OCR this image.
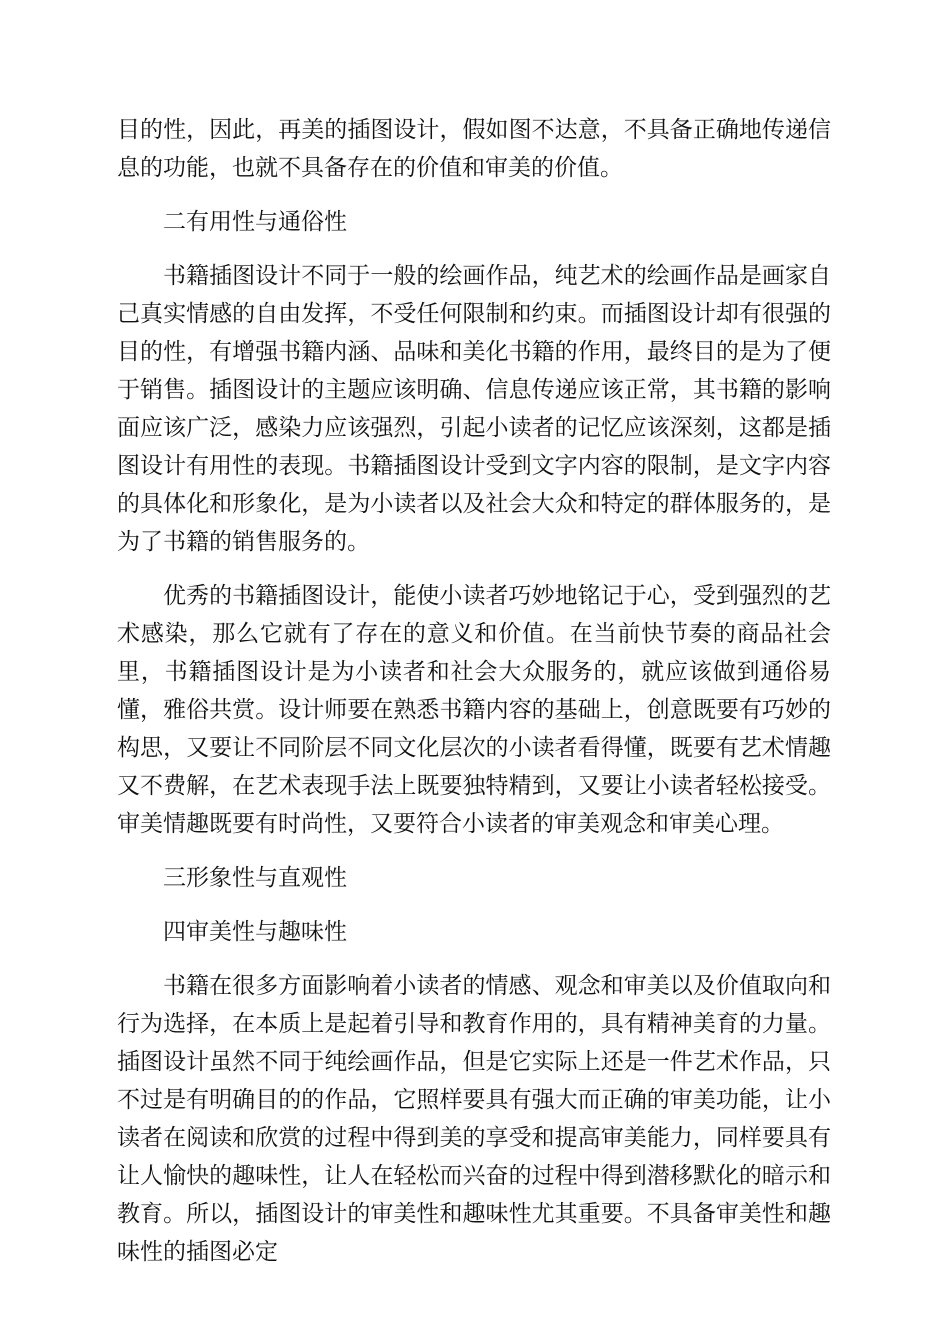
目的性，因此，再美的插图设计，假如图不达意，不具备正确地传递信息的功能，也就不具备存在的价值和审美的价值。

二有用性与通俗性

书籍插图设计不同于一般的绘画作品，纯艺术的绘画作品是画家自己真实情感的自由发挥，不受任何限制和约束。而插图设计却有很强的目的性，有增强书籍内涵、品味和美化书籍的作用，最终目的是为了便于销售。插图设计的主题应该明确、信息传递应该正常，其书籍的影响面应该广泛，感染力应该强烈，引起小读者的记忆应该深刻，这都是插图设计有用性的表现。书籍插图设计受到文字内容的限制，是文字内容的具体化和形象化，是为小读者以及社会大众和特定的群体服务的，是为了书籍的销售服务的。

优秀的书籍插图设计，能使小读者巧妙地铭记于心，受到强烈的艺术感染，那么它就有了存在的意义和价值。在当前快节奏的商品社会里，书籍插图设计是为小读者和社会大众服务的，就应该做到通俗易懂，雅俗共赏。设计师要在熟悉书籍内容的基础上，创意既要有巧妙的构思，又要让不同阶层不同文化层次的小读者看得懂，既要有艺术情趣又不费解，在艺术表现手法上既要独特精到，又要让小读者轻松接受。审美情趣既要有时尚性，又要符合小读者的审美观念和审美心理。

三形象性与直观性

四审美性与趣味性

书籍在很多方面影响着小读者的情感、观念和审美以及价值取向和行为选择，在本质上是起着引导和教育作用的，具有精神美育的力量。插图设计虽然不同于纯绘画作品，但是它实际上还是一件艺术作品，只不过是有明确目的的作品，它照样要具有强大而正确的审美功能，让小读者在阅读和欣赏的过程中得到美的享受和提高审美能力，同样要具有让人愉快的趣味性，让人在轻松而兴奋的过程中得到潜移默化的暗示和教育。所以，插图设计的审美性和趣味性尤其重要。不具备审美性和趣味性的插图必定
